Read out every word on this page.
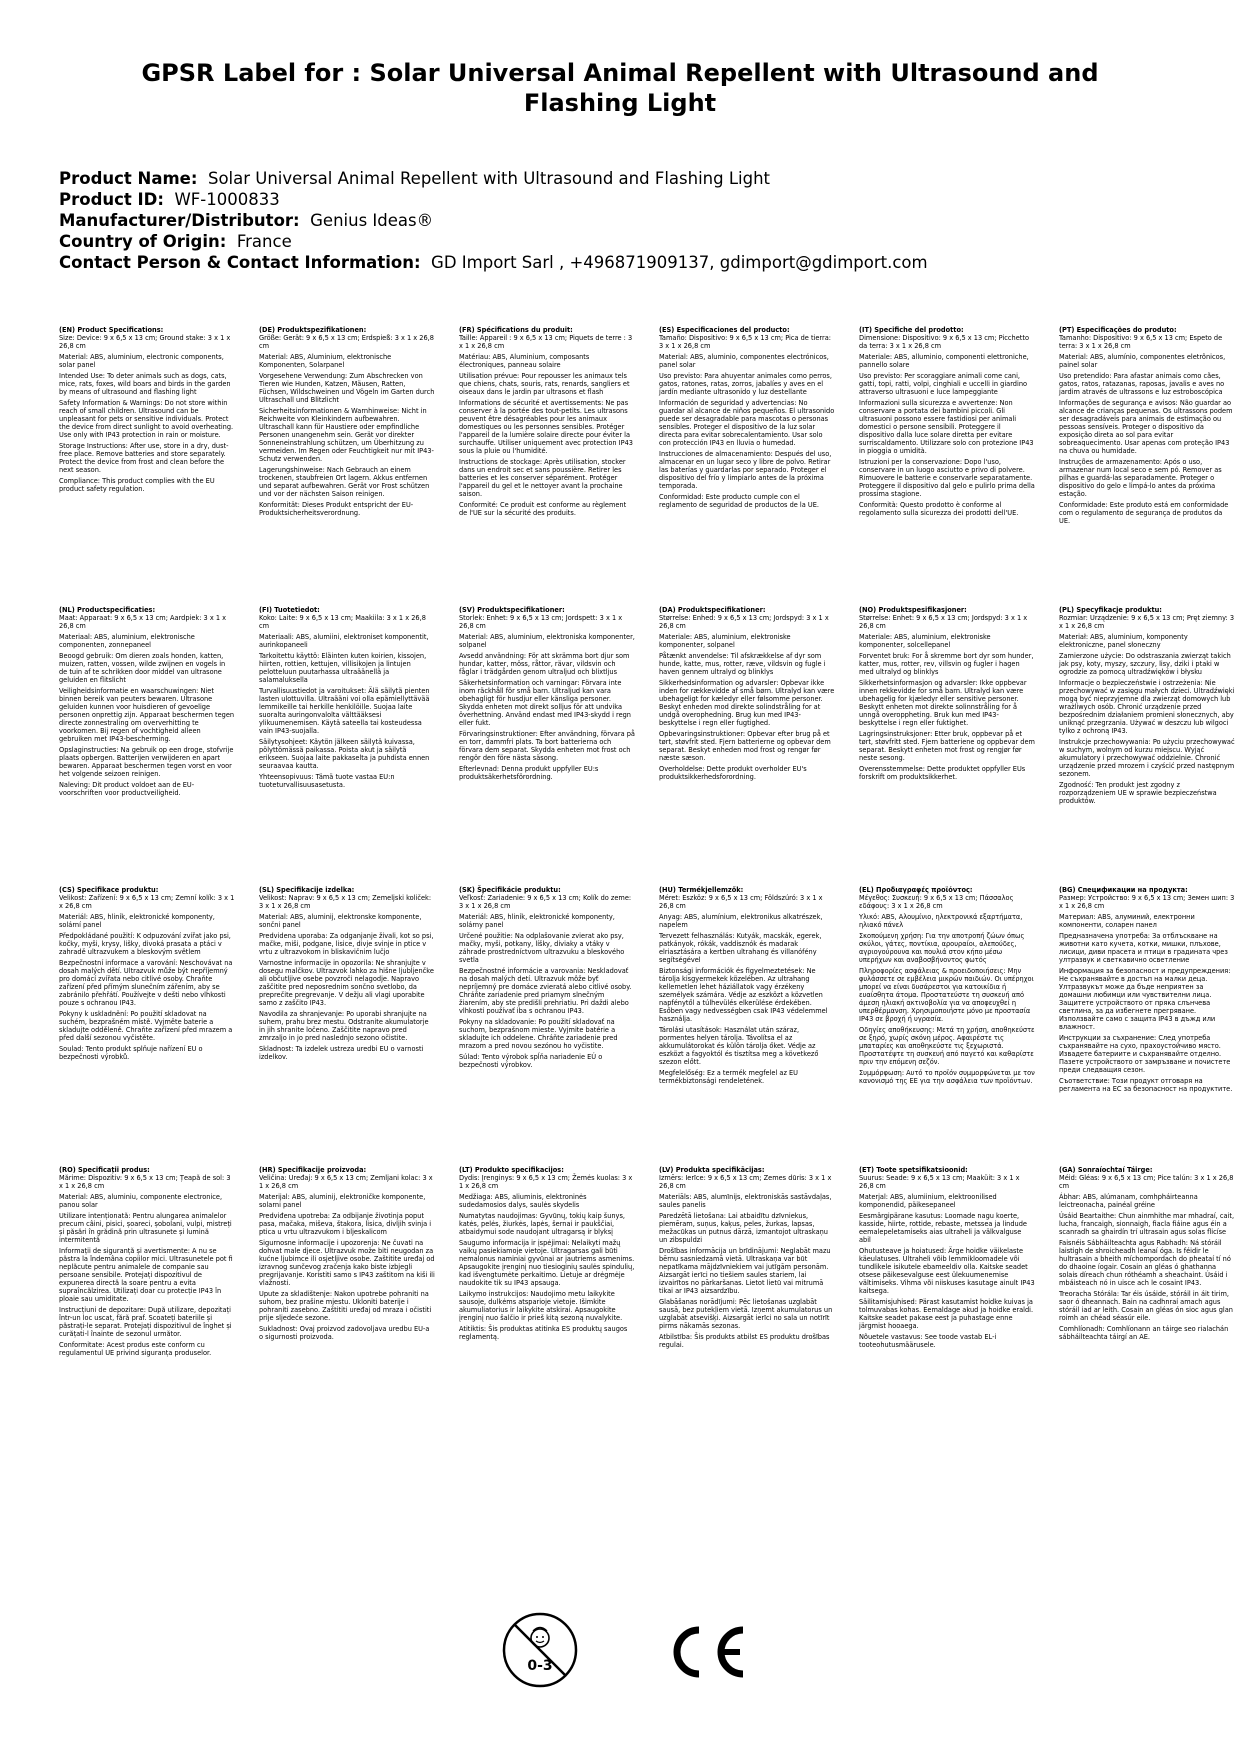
GPSR Label for : Solar Universal Animal Repellent with Ultrasound and Flashing Light
Product Name: Solar Universal Animal Repellent with Ultrasound and Flashing Light
Product ID: WF-1000833
Manufacturer/Distributor: Genius Ideas®
Country of Origin: France
Contact Person & Contact Information: GD Import Sarl , +496871909137, gdimport@gdimport.com
(EN) Product Specifications:

Size: Device: 9 x 6,5 x 13 cm; Ground stake: 3 x 1 x 26,8 cm

Material: ABS, aluminium, electronic components, solar panel

Intended Use: To deter animals such as dogs, cats, mice, rats, foxes, wild boars and birds in the garden by means of ultrasound and flashing light

Safety Information & Warnings: Do not store within reach of small children. Ultrasound can be unpleasant for pets or sensitive individuals. Protect the device from direct sunlight to avoid overheating. Use only with IP43 protection in rain or moisture.

Storage Instructions: After use, store in a dry, dust-free place. Remove batteries and store separately. Protect the device from frost and clean before the next season.

Compliance: This product complies with the EU product safety regulation.

(DE) Produktspezifikationen:

Größe: Gerät: 9 x 6,5 x 13 cm; Erdspieß: 3 x 1 x 26,8 cm

Material: ABS, Aluminium, elektronische Komponenten, Solarpanel

Vorgesehene Verwendung: Zum Abschrecken von Tieren wie Hunden, Katzen, Mäusen, Ratten, Füchsen, Wildschweinen und Vögeln im Garten durch Ultraschall und Blitzlicht

Sicherheitsinformationen & Warnhinweise: Nicht in Reichweite von Kleinkindern aufbewahren. Ultraschall kann für Haustiere oder empfindliche Personen unangenehm sein. Gerät vor direkter Sonneneinstrahlung schützen, um Überhitzung zu vermeiden. Im Regen oder Feuchtigkeit nur mit IP43-Schutz verwenden.

Lagerungshinweise: Nach Gebrauch an einem trockenen, staubfreien Ort lagern. Akkus entfernen und separat aufbewahren. Gerät vor Frost schützen und vor der nächsten Saison reinigen.

Konformität: Dieses Produkt entspricht der EU-Produktsicherheitsverordnung.

(FR) Spécifications du produit:

Taille: Appareil : 9 x 6,5 x 13 cm; Piquets de terre : 3 x 1 x 26,8 cm

Matériau: ABS, Aluminium, composants électroniques, panneau solaire

Utilisation prévue: Pour repousser les animaux tels que chiens, chats, souris, rats, renards, sangliers et oiseaux dans le jardin par ultrasons et flash

Informations de sécurité et avertissements: Ne pas conserver à la portée des tout-petits. Les ultrasons peuvent être désagréables pour les animaux domestiques ou les personnes sensibles. Protéger l'appareil de la lumière solaire directe pour éviter la surchauffe. Utiliser uniquement avec protection IP43 sous la pluie ou l'humidité.

Instructions de stockage: Après utilisation, stocker dans un endroit sec et sans poussière. Retirer les batteries et les conserver séparément. Protéger l'appareil du gel et le nettoyer avant la prochaine saison.

Conformité: Ce produit est conforme au règlement de l'UE sur la sécurité des produits.

(ES) Especificaciones del producto:

Tamaño: Dispositivo: 9 x 6,5 x 13 cm; Pica de tierra: 3 x 1 x 26,8 cm

Material: ABS, aluminio, componentes electrónicos, panel solar

Uso previsto: Para ahuyentar animales como perros, gatos, ratones, ratas, zorros, jabalíes y aves en el jardín mediante ultrasonido y luz destellante

Información de seguridad y advertencias: No guardar al alcance de niños pequeños. El ultrasonido puede ser desagradable para mascotas o personas sensibles. Proteger el dispositivo de la luz solar directa para evitar sobrecalentamiento. Usar solo con protección IP43 en lluvia o humedad.

Instrucciones de almacenamiento: Después del uso, almacenar en un lugar seco y libre de polvo. Retirar las baterías y guardarlas por separado. Proteger el dispositivo del frío y limpiarlo antes de la próxima temporada.

Conformidad: Este producto cumple con el reglamento de seguridad de productos de la UE.

(IT) Specifiche del prodotto:

Dimensione: Dispositivo: 9 x 6,5 x 13 cm; Picchetto da terra: 3 x 1 x 26,8 cm

Materiale: ABS, alluminio, componenti elettroniche, pannello solare

Uso previsto: Per scoraggiare animali come cani, gatti, topi, ratti, volpi, cinghiali e uccelli in giardino attraverso ultrasuoni e luce lampeggiante

Informazioni sulla sicurezza e avvertenze: Non conservare a portata dei bambini piccoli. Gli ultrasuoni possono essere fastidiosi per animali domestici o persone sensibili. Proteggere il dispositivo dalla luce solare diretta per evitare surriscaldamento. Utilizzare solo con protezione IP43 in pioggia o umidità.

Istruzioni per la conservazione: Dopo l'uso, conservare in un luogo asciutto e privo di polvere. Rimuovere le batterie e conservarle separatamente. Proteggere il dispositivo dal gelo e pulirlo prima della prossima stagione.

Conformità: Questo prodotto è conforme al regolamento sulla sicurezza dei prodotti dell'UE.

(PT) Especificações do produto:

Tamanho: Dispositivo: 9 x 6,5 x 13 cm; Espeto de terra: 3 x 1 x 26,8 cm

Material: ABS, alumínio, componentes eletrônicos, painel solar

Uso pretendido: Para afastar animais como cães, gatos, ratos, ratazanas, raposas, javalis e aves no jardim através de ultrassons e luz estroboscópica

Informações de segurança e avisos: Não guardar ao alcance de crianças pequenas. Os ultrassons podem ser desagradáveis para animais de estimação ou pessoas sensíveis. Proteger o dispositivo da exposição direta ao sol para evitar sobreaquecimento. Usar apenas com proteção IP43 na chuva ou humidade.

Instruções de armazenamento: Após o uso, armazenar num local seco e sem pó. Remover as pilhas e guardá-las separadamente. Proteger o dispositivo do gelo e limpá-lo antes da próxima estação.

Conformidade: Este produto está em conformidade com o regulamento de segurança de produtos da UE.

(NL) Productspecificaties:

Maat: Apparaat: 9 x 6,5 x 13 cm; Aardpiek: 3 x 1 x 26,8 cm

Materiaal: ABS, aluminium, elektronische componenten, zonnepaneel

Beoogd gebruik: Om dieren zoals honden, katten, muizen, ratten, vossen, wilde zwijnen en vogels in de tuin af te schrikken door middel van ultrasone geluiden en flitslicht

Veiligheidsinformatie en waarschuwingen: Niet binnen bereik van peuters bewaren. Ultrasone geluiden kunnen voor huisdieren of gevoelige personen onprettig zijn. Apparaat beschermen tegen directe zonnestraling om oververhitting te voorkomen. Bij regen of vochtigheid alleen gebruiken met IP43-bescherming.

Opslaginstructies: Na gebruik op een droge, stofvrije plaats opbergen. Batterijen verwijderen en apart bewaren. Apparaat beschermen tegen vorst en voor het volgende seizoen reinigen.

Naleving: Dit product voldoet aan de EU-voorschriften voor productveiligheid.

(FI) Tuotetiedot:

Koko: Laite: 9 x 6,5 x 13 cm; Maakiila: 3 x 1 x 26,8 cm

Materiaali: ABS, alumiini, elektroniset komponentit, aurinkopaneeli

Tarkoitettu käyttö: Eläinten kuten koirien, kissojen, hiirten, rottien, kettujen, villisikojen ja lintujen pelotteluun puutarhassa ultraäänellä ja salamaluksella

Turvallisuustiedot ja varoitukset: Älä säilytä pienten lasten ulottuvilla. Ultraääni voi olla epämiellyttävää lemmikeille tai herkille henkilöille. Suojaa laite suoralta auringonvalolta välttääksesi ylikuumenemisen. Käytä sateella tai kosteudessa vain IP43-suojalla.

Säilytysohjeet: Käytön jälkeen säilytä kuivassa, pölyttömässä paikassa. Poista akut ja säilytä erikseen. Suojaa laite pakkaselta ja puhdista ennen seuraavaa kautta.

Yhteensopivuus: Tämä tuote vastaa EU:n tuoteturvallisuusasetusta.

(SV) Produktspecifikationer:

Storlek: Enhet: 9 x 6,5 x 13 cm; Jordspett: 3 x 1 x 26,8 cm

Material: ABS, aluminium, elektroniska komponenter, solpanel

Avsedd användning: För att skrämma bort djur som hundar, katter, möss, råttor, rävar, vildsvin och fåglar i trädgården genom ultraljud och blixtljus

Säkerhetsinformation och varningar: Förvara inte inom räckhåll för små barn. Ultraljud kan vara obehagligt för husdjur eller känsliga personer. Skydda enheten mot direkt solljus för att undvika överhettning. Använd endast med IP43-skydd i regn eller fukt.

Förvaringsinstruktioner: Efter användning, förvara på en torr, dammfri plats. Ta bort batterierna och förvara dem separat. Skydda enheten mot frost och rengör den före nästa säsong.

Efterlevnad: Denna produkt uppfyller EU:s produktsäkerhetsförordning.

(DA) Produktspecifikationer:

Størrelse: Enhed: 9 x 6,5 x 13 cm; Jordspyd: 3 x 1 x 26,8 cm

Materiale: ABS, aluminium, elektroniske komponenter, solpanel

Påtænkt anvendelse: Til afskrækkelse af dyr som hunde, katte, mus, rotter, ræve, vildsvin og fugle i haven gennem ultralyd og blinklys

Sikkerhedsinformation og advarsler: Opbevar ikke inden for rækkevidde af små børn. Ultralyd kan være ubehageligt for kæledyr eller følsomme personer. Beskyt enheden mod direkte solindstråling for at undgå overophedning. Brug kun med IP43-beskyttelse i regn eller fugtighed.

Opbevaringsinstruktioner: Opbevar efter brug på et tørt, støvfrit sted. Fjern batterierne og opbevar dem separat. Beskyt enheden mod frost og rengør før næste sæson.

Overholdelse: Dette produkt overholder EU's produktsikkerhedsforordning.

(NO) Produktspesifikasjoner:

Størrelse: Enhet: 9 x 6,5 x 13 cm; Jordspyd: 3 x 1 x 26,8 cm

Materiale: ABS, aluminium, elektroniske komponenter, solcellepanel

Forventet bruk: For å skremme bort dyr som hunder, katter, mus, rotter, rev, villsvin og fugler i hagen med ultralyd og blinklys

Sikkerhetsinformasjon og advarsler: Ikke oppbevar innen rekkevidde for små barn. Ultralyd kan være ubehagelig for kjæledyr eller sensitive personer. Beskytt enheten mot direkte solinnstråling for å unngå overoppheting. Bruk kun med IP43-beskyttelse i regn eller fuktighet.

Lagringsinstruksjoner: Etter bruk, oppbevar på et tørt, støvfritt sted. Fjern batteriene og oppbevar dem separat. Beskytt enheten mot frost og rengjør før neste sesong.

Overensstemmelse: Dette produktet oppfyller EUs forskrift om produktsikkerhet.

(PL) Specyfikacje produktu:

Rozmiar: Urządzenie: 9 x 6,5 x 13 cm; Pręt ziemny: 3 x 1 x 26,8 cm

Materiał: ABS, aluminium, komponenty elektroniczne, panel słoneczny

Zamierzone użycie: Do odstraszania zwierząt takich jak psy, koty, myszy, szczury, lisy, dziki i ptaki w ogrodzie za pomocą ultradźwięków i błysku

Informacje o bezpieczeństwie i ostrzeżenia: Nie przechowywać w zasięgu małych dzieci. Ultradźwięki mogą być nieprzyjemne dla zwierząt domowych lub wrażliwych osób. Chronić urządzenie przed bezpośrednim działaniem promieni słonecznych, aby uniknąć przegrzania. Używać w deszczu lub wilgoci tylko z ochroną IP43.

Instrukcje przechowywania: Po użyciu przechowywać w suchym, wolnym od kurzu miejscu. Wyjąć akumulatory i przechowywać oddzielnie. Chronić urządzenie przed mrozem i czyścić przed następnym sezonem.

Zgodność: Ten produkt jest zgodny z rozporządzeniem UE w sprawie bezpieczeństwa produktów.

(CS) Specifikace produktu:

Velikost: Zařízení: 9 x 6,5 x 13 cm; Zemní kolík: 3 x 1 x 26,8 cm

Materiál: ABS, hliník, elektronické komponenty, solární panel

Předpokládané použití: K odpuzování zvířat jako psi, kočky, myši, krysy, lišky, divoká prasata a ptáci v zahradě ultrazvukem a bleskovým světlem

Bezpečnostní informace a varování: Neschovávat na dosah malých dětí. Ultrazvuk může být nepříjemný pro domácí zvířata nebo citlivé osoby. Chraňte zařízení před přímým slunečním zářením, aby se zabránilo přehřátí. Používejte v dešti nebo vlhkosti pouze s ochranou IP43.

Pokyny k uskladnění: Po použití skladovat na suchém, bezprašném místě. Vyjměte baterie a skladujte odděleně. Chraňte zařízení před mrazem a před další sezonou vyčistěte.

Soulad: Tento produkt splňuje nařízení EU o bezpečnosti výrobků.

(SL) Specifikacije izdelka:

Velikost: Naprav: 9 x 6,5 x 13 cm; Zemeljski količek: 3 x 1 x 26,8 cm

Material: ABS, aluminij, elektronske komponente, sončni panel

Predvidena uporaba: Za odganjanje živali, kot so psi, mačke, miši, podgane, lisice, divje svinje in ptice v vrtu z ultrazvokom in bliskavičnim lučjo

Varnostne informacije in opozorila: Ne shranjujte v dosegu malčkov. Ultrazvok lahko za hišne ljubljenčke ali občutljive osebe povzroči nelagodje. Napravo zaščitite pred neposrednim sončno svetlobo, da preprečite pregrevanje. V dežju ali vlagi uporabite samo z zaščito IP43.

Navodila za shranjevanje: Po uporabi shranjujte na suhem, prahu brez mestu. Odstranite akumulatorje in jih shranite ločeno. Zaščitite napravo pred zmrzaljo in jo pred naslednjo sezono očistite.

Skladnost: Ta izdelek ustreza uredbi EU o varnosti izdelkov.

(SK) Špecifikácie produktu:

Veľkosť: Zariadenie: 9 x 6,5 x 13 cm; Kolík do zeme: 3 x 1 x 26,8 cm

Materiál: ABS, hliník, elektronické komponenty, solárny panel

Určené použitie: Na odplašovanie zvierat ako psy, mačky, myši, potkany, líšky, diviaky a vtáky v záhrade prostredníctvom ultrazvuku a bleskového svetla

Bezpečnostné informácie a varovania: Neskladovať na dosah malých detí. Ultrazvuk môže byť nepríjemný pre domáce zvieratá alebo citlivé osoby. Chráňte zariadenie pred priamym slnečným žiarením, aby ste predišli prehriatiu. Pri daždi alebo vlhkosti používať iba s ochranou IP43.

Pokyny na skladovanie: Po použití skladovať na suchom, bezprašnom mieste. Vyjmite batérie a skladujte ich oddelene. Chráňte zariadenie pred mrazom a pred novou sezónou ho vyčistite.

Súlad: Tento výrobok spĺňa nariadenie EÚ o bezpečnosti výrobkov.

(HU) Termékjellemzők:

Méret: Eszköz: 9 x 6,5 x 13 cm; Földszúró: 3 x 1 x 26,8 cm

Anyag: ABS, alumínium, elektronikus alkatrészek, napelem

Tervezett felhasználás: Kutyák, macskák, egerek, patkányok, rókák, vaddisznók és madarak elriasztására a kertben ultrahang és villanófény segítségével

Biztonsági információk és figyelmeztetések: Ne tárolja kisgyermekek közelében. Az ultrahang kellemetlen lehet háziállatok vagy érzékeny személyek számára. Védje az eszközt a közvetlen napfénytől a túlhevülés elkerülése érdekében. Esőben vagy nedvességben csak IP43 védelemmel használja.

Tárolási utasítások: Használat után száraz, pormentes helyen tárolja. Távolítsa el az akkumulátorokat és külön tárolja őket. Védje az eszközt a fagyoktól és tisztítsa meg a következő szezon előtt.

Megfelelőség: Ez a termék megfelel az EU termékbiztonsági rendeletének.

(EL) Προδιαγραφές προϊόντος:

Μέγεθος: Συσκευή: 9 x 6,5 x 13 cm; Πάσσαλος εδάφους: 3 x 1 x 26,8 cm

Υλικό: ABS, Αλουμίνιο, ηλεκτρονικά εξαρτήματα, ηλιακό πάνελ

Σκοπούμενη χρήση: Για την αποτροπή ζώων όπως σκύλοι, γάτες, ποντίκια, αρουραίοι, αλεπούδες, αγριογούρουνα και πουλιά στον κήπο μέσω υπερήχων και αναβοσβήνοντος φωτός

Πληροφορίες ασφάλειας & προειδοποιήσεις: Μην φυλάσσετε σε εμβέλεια μικρών παιδιών. Οι υπέρηχοι μπορεί να είναι δυσάρεστοι για κατοικίδια ή ευαίσθητα άτομα. Προστατεύστε τη συσκευή από άμεση ηλιακή ακτινοβολία για να αποφευχθεί η υπερθέρμανση. Χρησιμοποιήστε μόνο με προστασία IP43 σε βροχή ή υγρασία.

Οδηγίες αποθήκευσης: Μετά τη χρήση, αποθηκεύστε σε ξηρό, χωρίς σκόνη μέρος. Αφαιρέστε τις μπαταρίες και αποθηκεύστε τις ξεχωριστά. Προστατέψτε τη συσκευή από παγετό και καθαρίστε πριν την επόμενη σεζόν.

Συμμόρφωση: Αυτό το προϊόν συμμορφώνεται με τον κανονισμό της ΕΕ για την ασφάλεια των προϊόντων.

(BG) Спецификации на продукта:

Размер: Устройство: 9 x 6,5 x 13 cm; Земен шип: 3 x 1 x 26,8 cm

Материал: ABS, алуминий, електронни компоненти, соларен панел

Предназначена употреба: За отблъскване на животни като кучета, котки, мишки, плъхове, лисици, диви прасета и птици в градината чрез ултразвук и светкавично осветление

Информация за безопасност и предупреждения: Не съхранявайте в достъп на малки деца. Ултразвукът може да бъде неприятен за домашни любимци или чувствителни лица. Защитете устройството от пряка слънчева светлина, за да избегнете прегряване. Използвайте само с защита IP43 в дъжд или влажност.

Инструкции за съхранение: След употреба съхранявайте на сухо, прахоустойчиво място. Извадете батериите и съхранявайте отделно. Пазете устройството от замръзване и почистете преди следващия сезон.

Съответствие: Този продукт отговаря на регламента на ЕС за безопасност на продуктите.

(RO) Specificații produs:

Mărime: Dispozitiv: 9 x 6,5 x 13 cm; Țeapă de sol: 3 x 1 x 26,8 cm

Material: ABS, aluminiu, componente electronice, panou solar

Utilizare intenționată: Pentru alungarea animalelor precum câini, pisici, șoareci, șobolani, vulpi, mistreți și păsări în grădină prin ultrasunete și lumină intermitentă

Informații de siguranță și avertismente: A nu se păstra la îndemâna copiilor mici. Ultrasunetele pot fi neplăcute pentru animalele de companie sau persoane sensibile. Protejați dispozitivul de expunerea directă la soare pentru a evita supraîncălzirea. Utilizați doar cu protecție IP43 în ploaie sau umiditate.

Instrucțiuni de depozitare: După utilizare, depozitați într-un loc uscat, fără praf. Scoateți bateriile și păstrați-le separat. Protejați dispozitivul de înghet și curățati-l înainte de sezonul următor.

Conformitate: Acest produs este conform cu regulamentul UE privind siguranța produselor.

(HR) Specifikacije proizvoda:

Veličina: Uređaj: 9 x 6,5 x 13 cm; Zemljani kolac: 3 x 1 x 26,8 cm

Materijal: ABS, aluminij, elektroničke komponente, solarni panel

Predviđena upotreba: Za odbijanje životinja poput pasa, mačaka, miševa, štakora, lisica, divljih svinja i ptica u vrtu ultrazvukom i bljeskalicom

Sigurnosne informacije i upozorenja: Ne čuvati na dohvat male djece. Ultrazvuk može biti neugodan za kućne ljubimce ili osjetljive osobe. Zaštitite uređaj od izravnog sunčevog zračenja kako biste izbjegli pregrijavanje. Koristiti samo s IP43 zaštitom na kiši ili vlažnosti.

Upute za skladištenje: Nakon upotrebe pohraniti na suhom, bez prašine mjestu. Ukloniti baterije i pohraniti zasebno. Zaštititi uređaj od mraza i očistiti prije sljedeće sezone.

Sukladnost: Ovaj proizvod zadovoljava uredbu EU-a o sigurnosti proizvoda.

(LT) Produkto specifikacijos:

Dydis: Įrenginys: 9 x 6,5 x 13 cm; Žemės kuolas: 3 x 1 x 26,8 cm

Medžiaga: ABS, aliuminis, elektroninės sudedamosios dalys, saulės skydelis

Numatytas naudojimas: Gyvūnų, tokių kaip šunys, katės, pelės, žiurkės, lapės, šernai ir paukščiai, atbaidymui sode naudojant ultragarsą ir blyksį

Saugumo informacija ir įspėjimai: Nelaikyti mažų vaikų pasiekiamoje vietoje. Ultragarsas gali būti nemalonus naminiai gyvūnai ar jautriems asmenims. Apsaugokite įrenginį nuo tiesioginių saulės spindulių, kad išvengtumėte perkaitimo. Lietuje ar drėgmėje naudokite tik su IP43 apsauga.

Laikymo instrukcijos: Naudojimo metu laikykite sausoje, dulkėms atsparioje vietoje. Išimkite akumuliatorius ir laikykite atskirai. Apsaugokite įrenginį nuo šalčio ir prieš kitą sezoną nuvalykite.

Atitiktis: Šis produktas atitinka ES produktų saugos reglamentą.

(LV) Produkta specifikācijas:

Izmērs: Ierīce: 9 x 6,5 x 13 cm; Zemes dūris: 3 x 1 x 26,8 cm

Materiāls: ABS, alumīnijs, elektroniskās sastāvdaļas, saules panelis

Paredzētā lietošana: Lai atbaidītu dzīvniekus, piemēram, suņus, kaķus, peles, žurkas, lapsas, mežacūkas un putnus dārzā, izmantojot ultraskaņu un zibspuldzi

Drošības informācija un brīdinājumi: Neglabāt mazu bērnu sasniedzamā vietā. Ultraskaņa var būt nepatīkama mājdzīvniekiem vai jutīgām personām. Aizsargāt ierīci no tiešiem saules stariem, lai izvairītos no pārkaršanas. Lietot lietū vai mitrumā tikai ar IP43 aizsardzību.

Glabāšanas norādījumi: Pēc lietošanas uzglabāt sausā, bez putekļiem vietā. Izņemt akumulatorus un uzglabāt atsevišķi. Aizsargāt ierīci no sala un notīrīt pirms nākamās sezonas.

Atbilstība: Šis produkts atbilst ES produktu drošības regulai.

(ET) Toote spetsifikatsioonid:

Suurus: Seade: 9 x 6,5 x 13 cm; Maaküit: 3 x 1 x 26,8 cm

Materjal: ABS, alumiinium, elektroonilised komponendid, päikesepaneel

Eesmärgipärane kasutus: Loomade nagu koerte, kasside, hiirte, rottide, rebaste, metssea ja lindude eemalepeletamiseks aias ultraheli ja välkvalguse abil

Ohutusteave ja hoiatused: Ärge hoidke väikelaste käeulatuses. Ultraheli võib lemmikloomadele või tundlikele isikutele ebameeldiv olla. Kaitske seadet otsese päikesevalguse eest ülekuumenemise vältimiseks. Vihma või niiskuses kasutage ainult IP43 kaitsega.

Säilitamisjuhised: Pärast kasutamist hoidke kuivas ja tolmuvabas kohas. Eemaldage akud ja hoidke eraldi. Kaitske seadet pakase eest ja puhastage enne järgmist hooaega.

Nõuetele vastavus: See toode vastab EL-i tooteohutusmäärusele.

(GA) Sonraíochtaí Táirge:

Méid: Gléas: 9 x 6,5 x 13 cm; Pice talún: 3 x 1 x 26,8 cm

Ábhar: ABS, alúmanam, comhpháirteanna leictreonacha, painéal gréine

Úsáid Beartaithe: Chun ainmhithe mar mhadraí, cait, lucha, francaigh, sionnaigh, fiacla fiáine agus éin a scanradh sa ghairdín trí ultrasain agus solas flicíse

Faisnéis Sábháilteachta agus Rabhadh: Ná stóráil laistigh de shroicheadh leanaí óga. Is féidir le hultrasain a bheith míchompordach do pheataí tí nó do dhaoine íogair. Cosain an gléas ó ghathanna solais díreach chun róthéamh a sheachaint. Úsáid i mbáisteach nó in uisce ach le cosaint IP43.

Treoracha Stórála: Tar éis úsáide, stóráil in áit tirim, saor ó dheannach. Bain na cadhnraí amach agus stóráil iad ar leith. Cosain an gléas ón sioc agus glan roimh an chéad séasúr eile.

Comhlíonadh: Comhlíonann an táirge seo rialachán sábháilteachta táirgí an AE.

0-3
